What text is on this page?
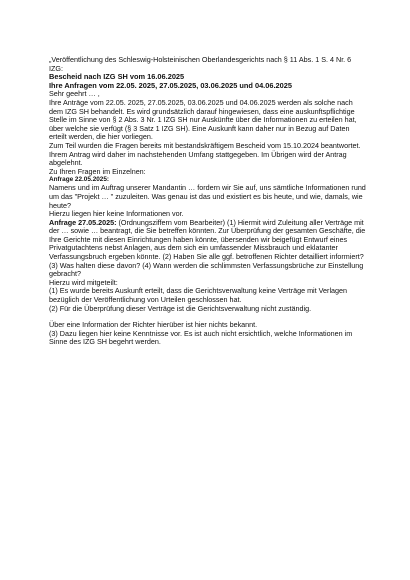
„Veröffentlichung des Schleswig-Holsteinischen Oberlandesgerichts nach § 11 Abs. 1 S. 4 Nr. 6 IZG:

Bescheid nach IZG SH vom 16.06.2025

Ihre Anfragen vom 22.05. 2025, 27.05.2025, 03.06.2025 und 04.06.2025

Sehr geehrt … ,

Ihre Anträge vom 22.05. 2025, 27.05.2025, 03.06.2025 und 04.06.2025 werden als solche nach dem IZG SH behandelt. Es wird grundsätzlich darauf hingewiesen, dass eine auskunftspflichtige Stelle im Sinne von § 2 Abs. 3 Nr. 1 IZG SH nur Auskünfte über die Informationen zu erteilen hat, über welche sie verfügt (§ 3 Satz 1 IZG SH). Eine Auskunft kann daher nur in Bezug auf Daten erteilt werden, die hier vorliegen.

Zum Teil wurden die Fragen bereits mit bestandskräftigem Bescheid vom 15.10.2024 beantwortet. Ihrem Antrag wird daher im nachstehenden Umfang stattgegeben. Im Übrigen wird der Antrag abgelehnt.

Zu Ihren Fragen im Einzelnen:

Anfrage 22.05.2025:

Namens und im Auftrag unserer Mandantin … fordern wir Sie auf, uns sämtliche Informationen rund um das "Projekt … " zuzuleiten. Was genau ist das und existiert es bis heute, und wie, damals, wie heute?

Hierzu liegen hier keine Informationen vor.

Anfrage 27.05.2025: (Ordnungsziffern vom Bearbeiter) (1) Hiermit wird Zuleitung aller Verträge mit der … sowie … beantragt, die Sie betreffen könnten. Zur Überprüfung der gesamten Geschäfte, die Ihre Gerichte mit diesen Einrichtungen haben könnte, übersenden wir beigefügt Entwurf eines Privatgutachtens nebst Anlagen, aus dem sich ein umfassender Missbrauch und eklatanter Verfassungsbruch ergeben könnte. (2) Haben Sie alle ggf. betroffenen Richter detailliert informiert? (3) Was halten diese davon? (4) Wann werden die schlimmsten Verfassungsbrüche zur Einstellung gebracht?

Hierzu wird mitgeteilt:

(1) Es wurde bereits Auskunft erteilt, dass die Gerichtsverwaltung keine Verträge mit Verlagen bezüglich der Veröffentlichung von Urteilen geschlossen hat.

(2) Für die Überprüfung dieser Verträge ist die Gerichtsverwaltung nicht zuständig.

Über eine Information der Richter hierüber ist hier nichts bekannt.

(3) Dazu liegen hier keine Kenntnisse vor. Es ist auch nicht ersichtlich, welche Informationen im Sinne des IZG SH begehrt werden.
